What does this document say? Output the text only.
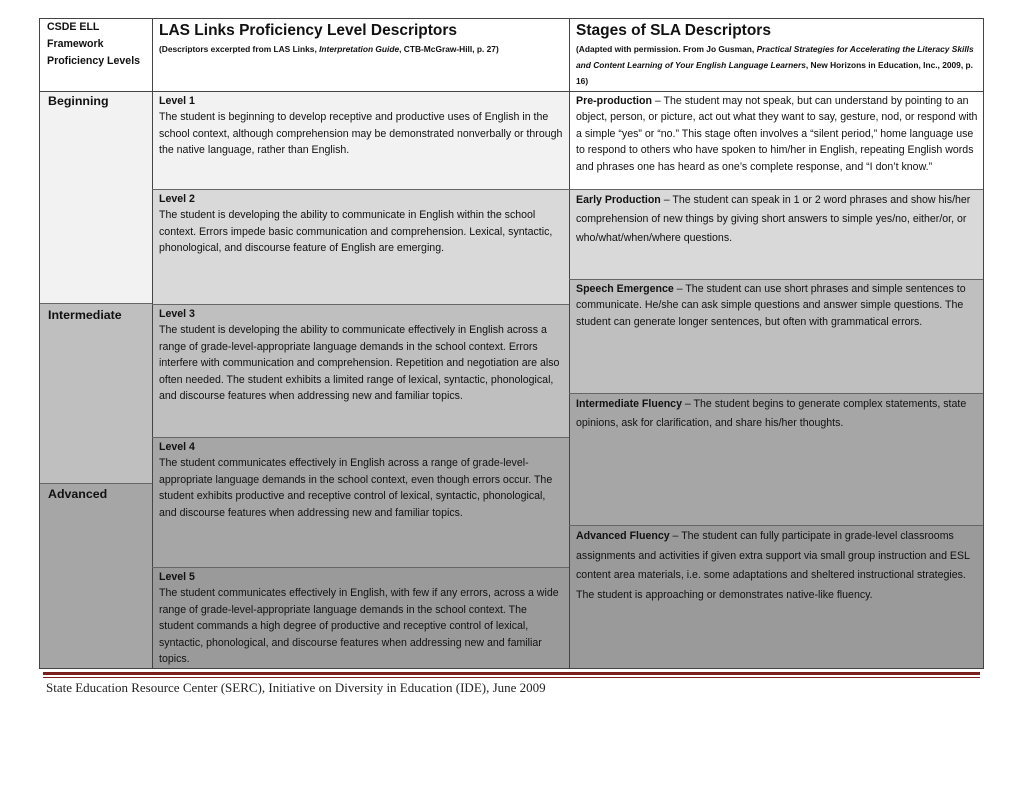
CSDE ELL Framework Proficiency Levels
LAS Links Proficiency Level Descriptors
(Descriptors excerpted from LAS Links, Interpretation Guide, CTB-McGraw-Hill, p. 27)
Stages of SLA Descriptors
(Adapted with permission. From Jo Gusman, Practical Strategies for Accelerating the Literacy Skills and Content Learning of Your English Language Learners, New Horizons in Education, Inc., 2009, p. 16)
Beginning
Intermediate
Advanced
Level 1
The student is beginning to develop receptive and productive uses of English in the school context, although comprehension may be demonstrated nonverbally or through the native language, rather than English.
Level 2
The student is developing the ability to communicate in English within the school context. Errors impede basic communication and comprehension. Lexical, syntactic, phonological, and discourse feature of English are emerging.
Level 3
The student is developing the ability to communicate effectively in English across a range of grade-level-appropriate language demands in the school context. Errors interfere with communication and comprehension. Repetition and negotiation are also often needed. The student exhibits a limited range of lexical, syntactic, phonological, and discourse features when addressing new and familiar topics.
Level 4
The student communicates effectively in English across a range of grade-level-appropriate language demands in the school context, even though errors occur. The student exhibits productive and receptive control of lexical, syntactic, phonological, and discourse features when addressing new and familiar topics.
Level 5
The student communicates effectively in English, with few if any errors, across a wide range of grade-level-appropriate language demands in the school context. The student commands a high degree of productive and receptive control of lexical, syntactic, phonological, and discourse features when addressing new and familiar topics.
Pre-production – The student may not speak, but can understand by pointing to an object, person, or picture, act out what they want to say, gesture, nod, or respond with a simple “yes” or “no.” This stage often involves a “silent period,” home language use to respond to others who have spoken to him/her in English, repeating English words and phrases one has heard as one’s complete response, and “I don’t know.”
Early Production – The student can speak in 1 or 2 word phrases and show his/her comprehension of new things by giving short answers to simple yes/no, either/or, or who/what/when/where questions.
Speech Emergence – The student can use short phrases and simple sentences to communicate. He/she can ask simple questions and answer simple questions. The student can generate longer sentences, but often with grammatical errors.
Intermediate Fluency – The student begins to generate complex statements, state opinions, ask for clarification, and share his/her thoughts.
Advanced Fluency – The student can fully participate in grade-level classrooms assignments and activities if given extra support via small group instruction and ESL content area materials, i.e. some adaptations and sheltered instructional strategies. The student is approaching or demonstrates native-like fluency.
State Education Resource Center (SERC), Initiative on Diversity in Education (IDE), June 2009
